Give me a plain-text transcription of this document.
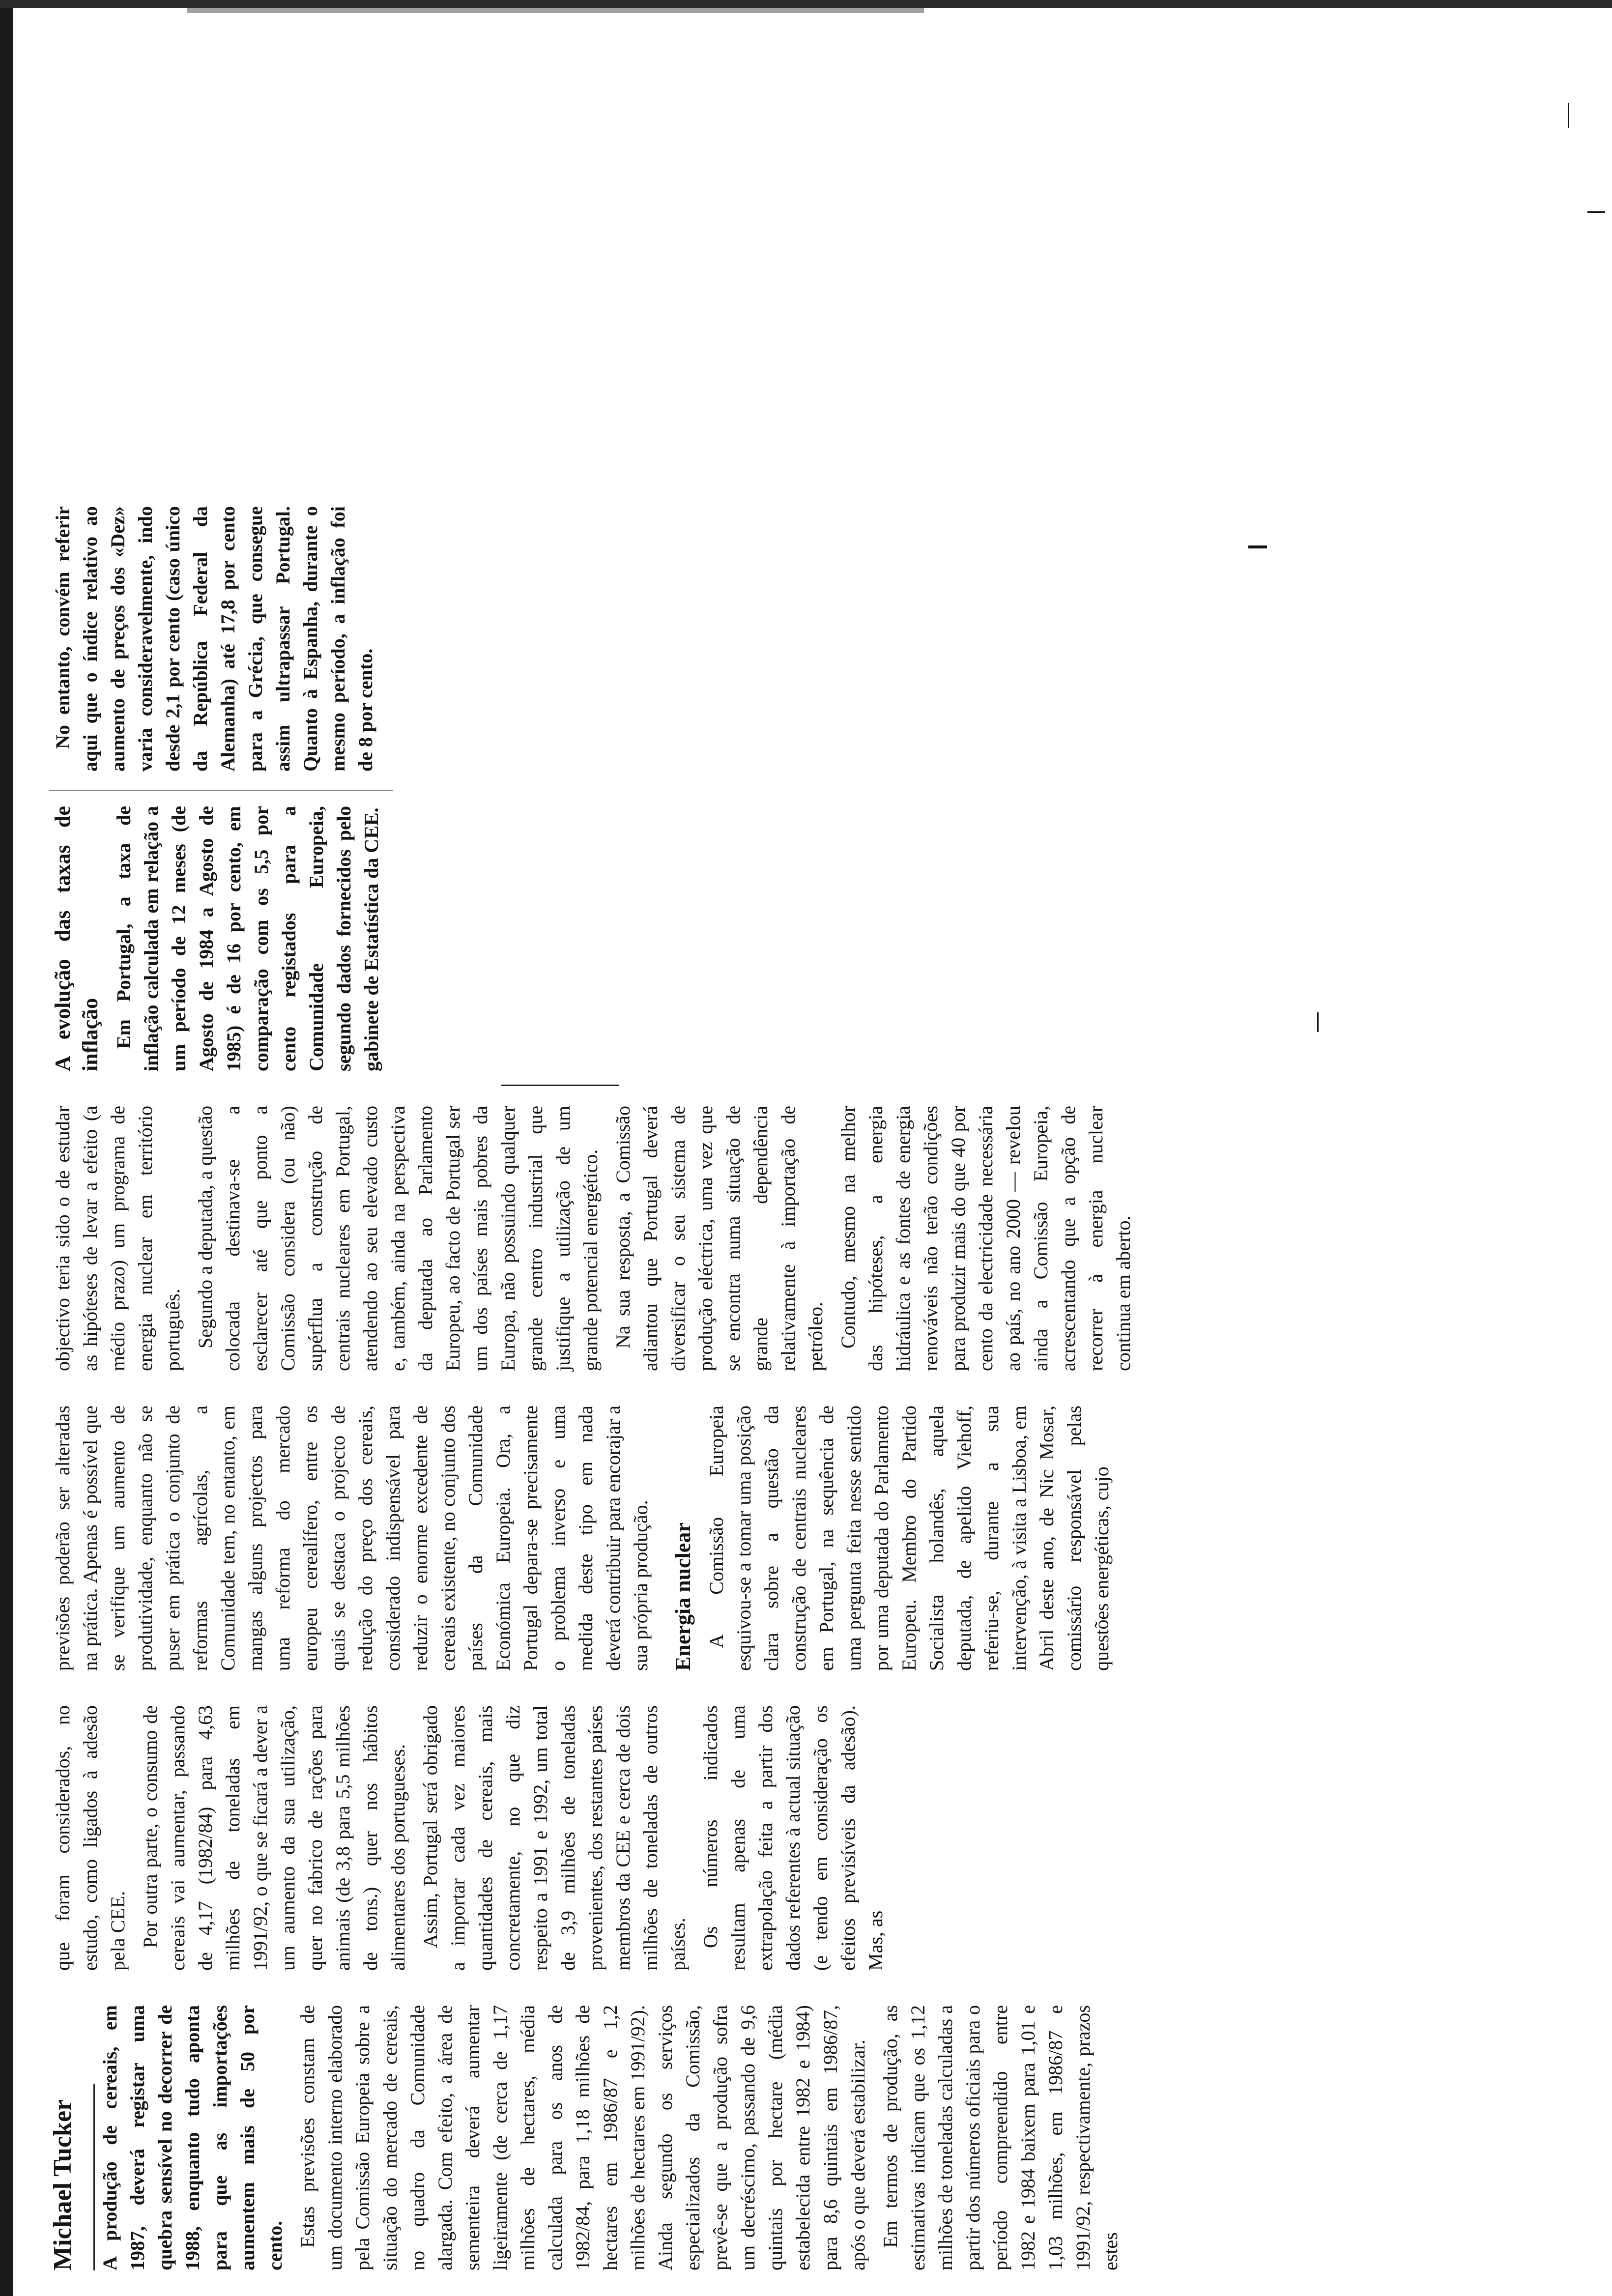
Michael Tucker A produção de cereais, em 1987, deverá registar uma quebra sensível no decorrer de 1988, enquanto tudo aponta para que as importações aumentem mais de 50 por cento. Estas previsões constam de um documento interno elaborado pela Comissão Europeia sobre a situação do mercado de cereais, no quadro da Comunidade alargada. Com efeito, a área de sementeira deverá aumentar ligeiramente (de cerca de 1,17 milhões de hectares, média calculada para os anos de 1982/84, para 1,18 milhões de hectares em 1986/87 e 1,2 milhões de hectares em 1991/92). Ainda segundo os serviços especializados da Comissão, prevê-se que a produção sofra um decréscimo, passando de 9,6 quintais por hectare (média estabelecida entre 1982 e 1984) para 8,6 quintais em 1986/87, após o que deverá estabilizar. Em termos de produção, as estimativas indicam que os 1,12 milhões de toneladas calculadas a partir dos números oficiais para o período compreendido entre 1982 e 1984 baixem para 1,01 e 1,03 milhões, em 1986/87 e 1991/92, respectivamente, prazos estes

que foram considerados, no estudo, como ligados à adesão pela CEE. Por outra parte, o consumo de cereais vai aumentar, passando de 4,17 (1982/84) para 4,63 milhões de toneladas em 1991/92, o que se ficará a dever a um aumento da sua utilização, quer no fabrico de rações para animais (de 3,8 para 5,5 milhões de tons.) quer nos hábitos alimentares dos portugueses. Assim, Portugal será obrigado a importar cada vez maiores quantidades de cereais, mais concretamente, no que diz respeito a 1991 e 1992, um total de 3,9 milhões de toneladas provenientes, dos restantes países membros da CEE e cerca de dois milhões de toneladas de outros países. Os números indicados resultam apenas de uma extrapolação feita a partir dos dados referentes à actual situação (e tendo em consideração os efeitos previsíveis da adesão). Mas, as

previsões poderão ser alteradas na prática. Apenas é possível que se verifique um aumento de produtividade, enquanto não se puser em prática o conjunto de reformas agrícolas, a Comunidade tem, no entanto, em mangas alguns projectos para uma reforma do mercado europeu cerealífero, entre os quais se destaca o projecto de redução do preço dos cereais, considerado indispensável para reduzir o enorme excedente de cereais existente, no conjunto dos países da Comunidade Económica Europeia. Ora, a Portugal depara-se precisamente o problema inverso e uma medida deste tipo em nada deverá contribuir para encorajar a sua própria produção. Energia nuclear A Comissão Europeia esquivou-se a tomar uma posição clara sobre a questão da construção de centrais nucleares em Portugal, na sequência de uma pergunta feita nesse sentido por uma deputada do Parlamento Europeu. Membro do Partido Socialista holandês, aquela deputada, de apelido Viehoff, referiu-se, durante a sua intervenção, à visita a Lisboa, em Abril deste ano, de Nic Mosar, comissário responsável pelas questões energéticas, cujo

objectivo teria sido o de estudar as hipóteses de levar a efeito (a médio prazo) um programa de energia nuclear em território português. Segundo a deputada, a questão colocada destinava-se a esclarecer até que ponto a Comissão considera (ou não) supérflua a construção de centrais nucleares em Portugal, atendendo ao seu elevado custo e, também, ainda na perspectiva da deputada ao Parlamento Europeu, ao facto de Portugal ser um dos países mais pobres da Europa, não possuindo qualquer grande centro industrial que justifique a utilização de um grande potencial energético. Na sua resposta, a Comissão adiantou que Portugal deverá diversificar o seu sistema de produção eléctrica, uma vez que se encontra numa situação de grande dependência relativamente à importação de petróleo. Contudo, mesmo na melhor das hipóteses, a energia hidráulica e as fontes de energia renováveis não terão condições para produzir mais do que 40 por cento da electricidade necessária ao país, no ano 2000 — revelou ainda a Comissão Europeia, acrescentando que a opção de recorrer à energia nuclear continua em aberto.

A evolução das taxas de inflação Em Portugal, a taxa de inflação calculada em relação a um período de 12 meses (de Agosto de 1984 a Agosto de 1985) é de 16 por cento, em comparação com os 5,5 por cento registados para a Comunidade Europeia, segundo dados fornecidos pelo gabinete de Estatística da CEE.

No entanto, convém referir aqui que o índice relativo ao aumento de preços dos «Dez» varia consideravelmente, indo desde 2,1 por cento (caso único da República Federal da Alemanha) até 17,8 por cento para a Grécia, que consegue assim ultrapassar Portugal. Quanto à Espanha, durante o mesmo período, a inflação foi de 8 por cento.
